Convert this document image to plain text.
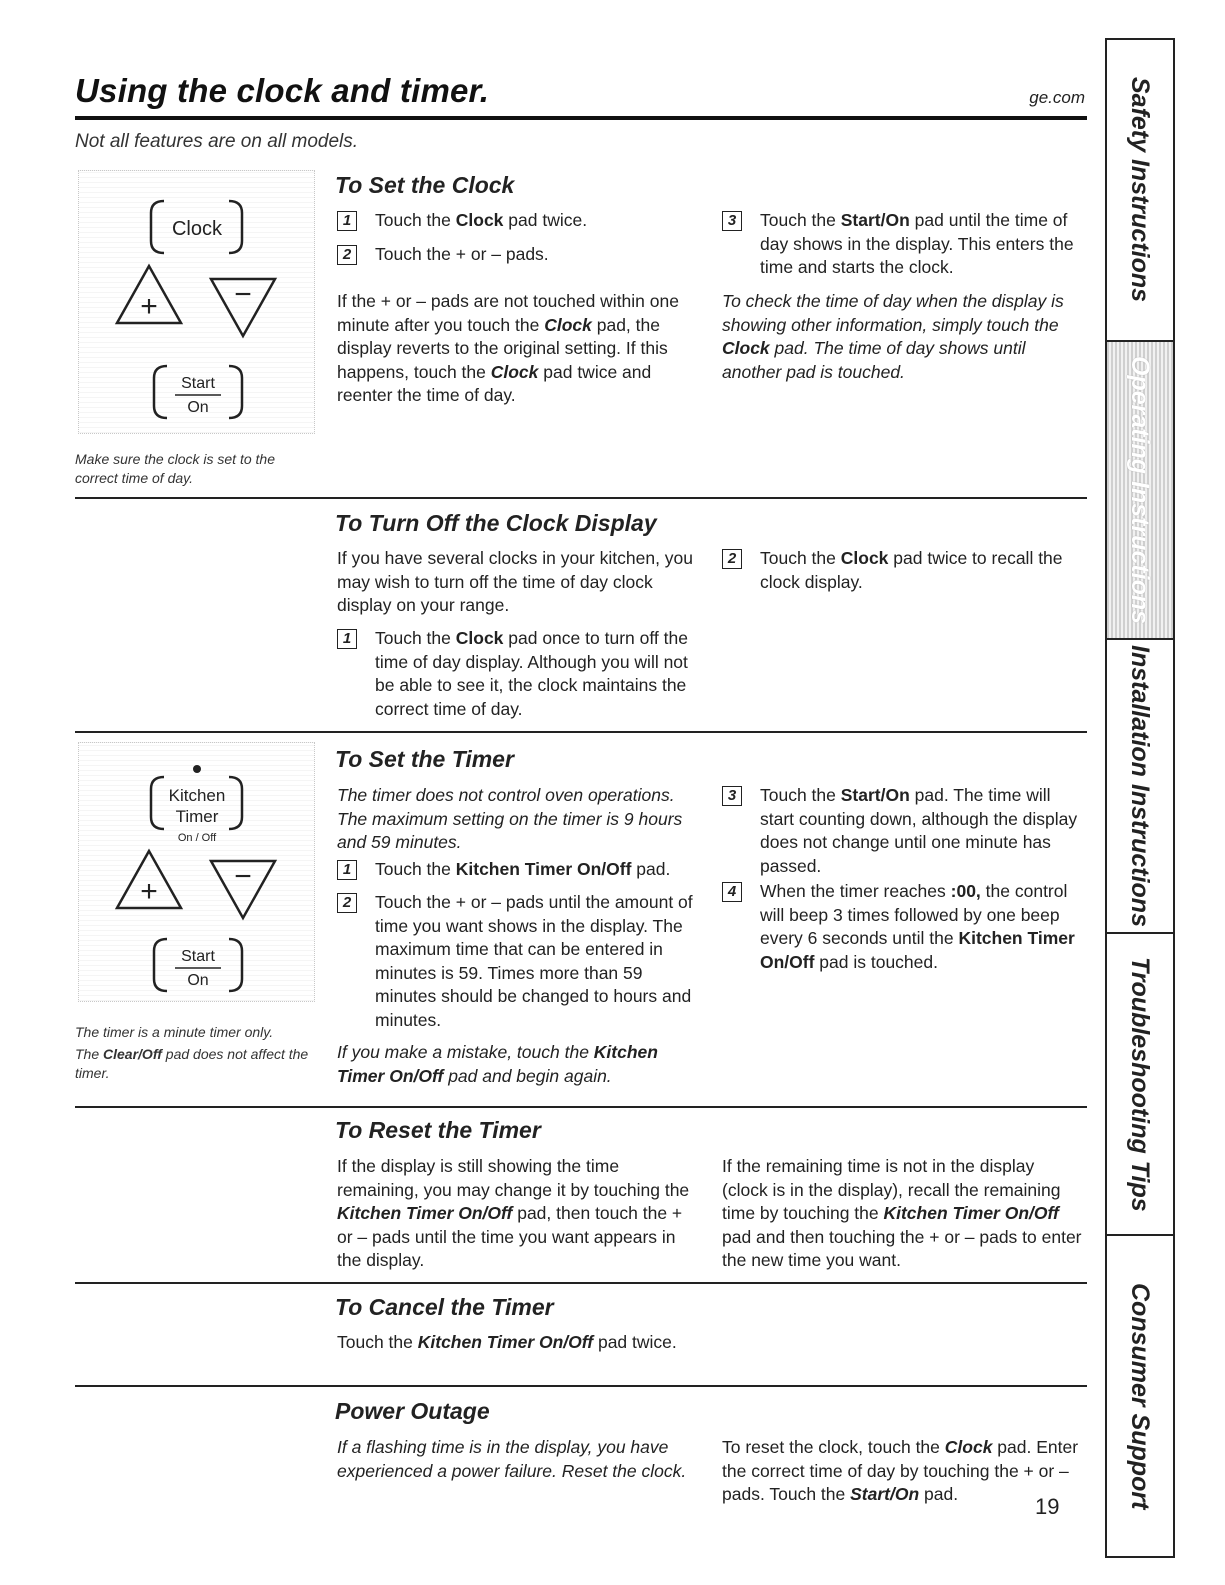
Using the clock and timer.	ge.com
Not all features are on all models.
Clock
+	−
Start
On
Make sure the clock is set to the correct time of day.
To Set the Clock
1	Touch the Clock pad twice.
2	Touch the + or – pads.
If the + or – pads are not touched within one minute after you touch the Clock pad, the display reverts to the original setting. If this happens, touch the Clock pad twice and reenter the time of day.
3	Touch the Start/On pad until the time of day shows in the display. This enters the time and starts the clock.
To check the time of day when the display is showing other information, simply touch the Clock pad. The time of day shows until another pad is touched.
To Turn Off the Clock Display
If you have several clocks in your kitchen, you may wish to turn off the time of day clock display on your range.
1	Touch the Clock pad once to turn off the time of day display. Although you will not be able to see it, the clock maintains the correct time of day.
2	Touch the Clock pad twice to recall the clock display.
Kitchen
Timer
On / Off
+	−
Start
On
The timer is a minute timer only.
The Clear/Off pad does not affect the timer.
To Set the Timer
The timer does not control oven operations. The maximum setting on the timer is 9 hours and 59 minutes.
1	Touch the Kitchen Timer On/Off pad.
2	Touch the + or – pads until the amount of time you want shows in the display. The maximum time that can be entered in minutes is 59. Times more than 59 minutes should be changed to hours and minutes.
If you make a mistake, touch the Kitchen Timer On/Off pad and begin again.
3	Touch the Start/On pad. The time will start counting down, although the display does not change until one minute has passed.
4	When the timer reaches :00, the control will beep 3 times followed by one beep every 6 seconds until the Kitchen Timer On/Off pad is touched.
To Reset the Timer
If the display is still showing the time remaining, you may change it by touching the Kitchen Timer On/Off pad, then touch the + or – pads until the time you want appears in the display.
If the remaining time is not in the display (clock is in the display), recall the remaining time by touching the Kitchen Timer On/Off pad and then touching the + or – pads to enter the new time you want.
To Cancel the Timer
Touch the Kitchen Timer On/Off pad twice.
Power Outage
If a flashing time is in the display, you have experienced a power failure. Reset the clock.
To reset the clock, touch the Clock pad. Enter the correct time of day by touching the + or – pads. Touch the Start/On pad.	19
Safety Instructions
Operating Instructions
Installation Instructions
Troubleshooting Tips
Consumer Support
